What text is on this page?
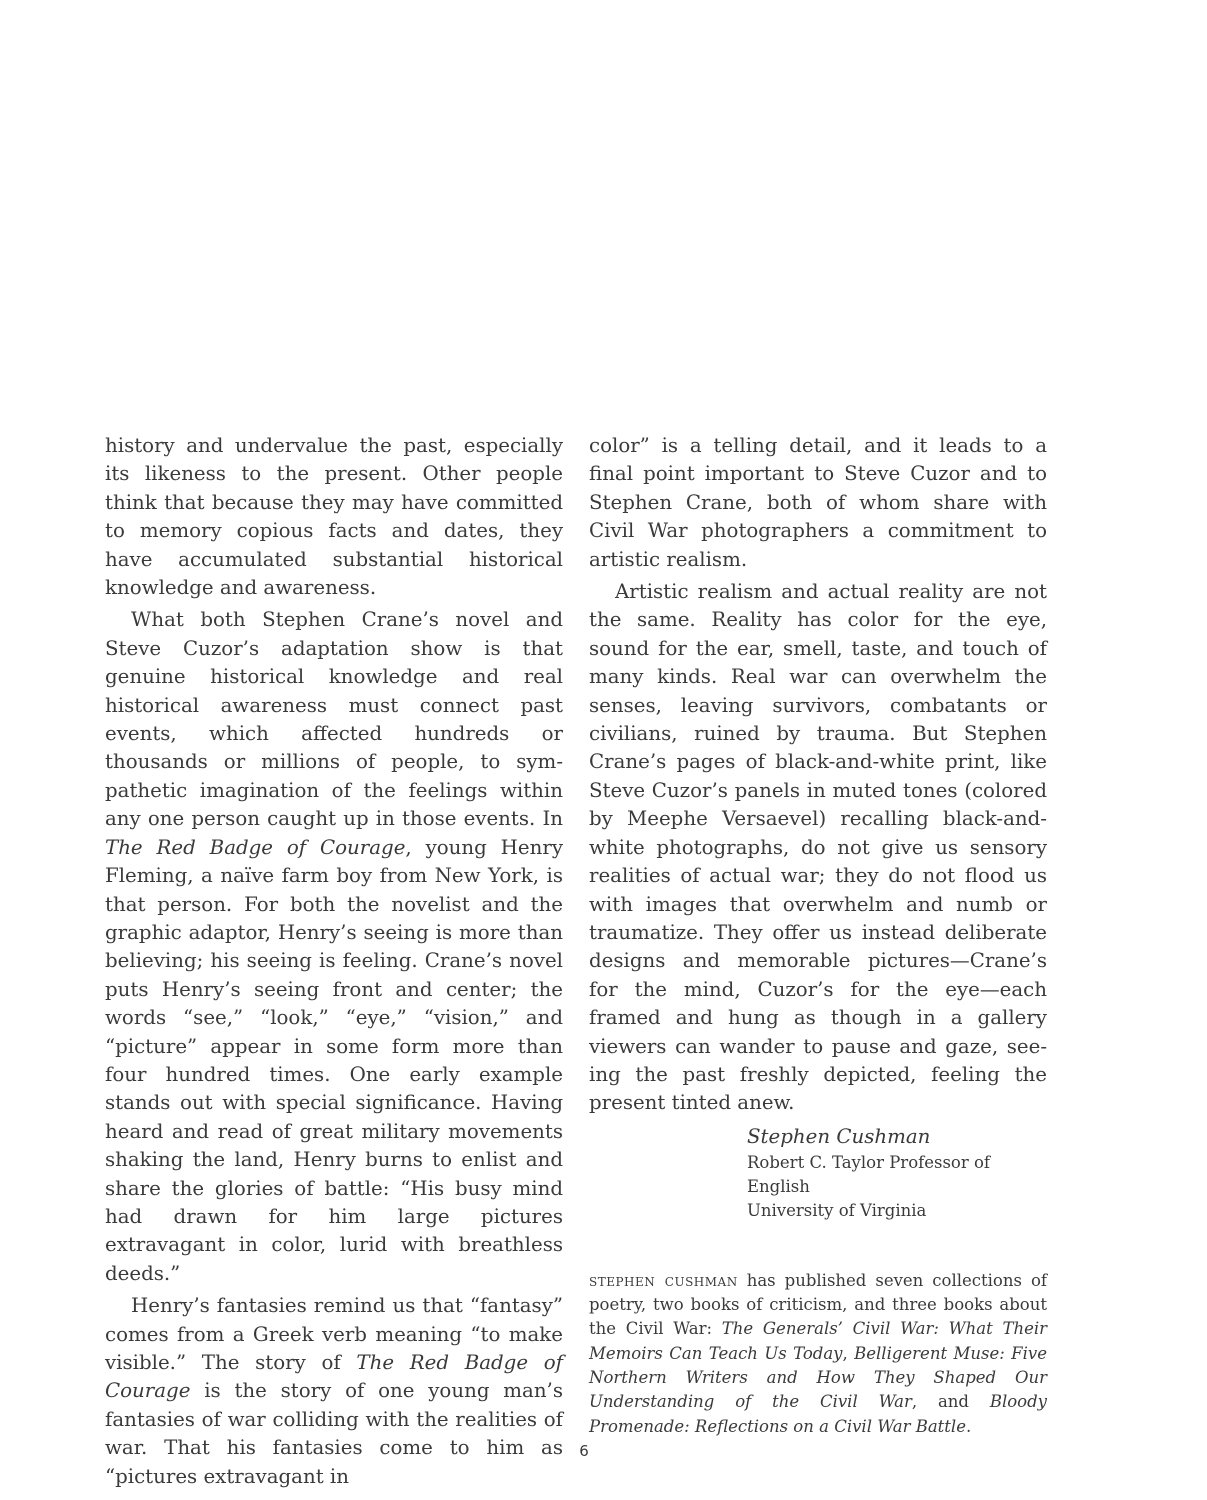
history and undervalue the past, especially its likeness to the present. Other people think that because they may have committed to memory copious facts and dates, they have accumulated substantial historical knowledge and awareness.

What both Stephen Crane’s novel and Steve Cuzor’s adaptation show is that genuine historical knowledge and real historical awareness must connect past events, which affected hundreds or thousands or millions of people, to sympathetic imagination of the feelings within any one person caught up in those events. In The Red Badge of Courage, young Henry Fleming, a naïve farm boy from New York, is that person. For both the novelist and the graphic adaptor, Henry’s seeing is more than believing; his seeing is feeling. Crane’s novel puts Henry’s seeing front and center; the words “see,” “look,” “eye,” “vision,” and “picture” appear in some form more than four hundred times. One early example stands out with special significance. Having heard and read of great military movements shaking the land, Henry burns to enlist and share the glories of battle: “His busy mind had drawn for him large pictures extravagant in color, lurid with breathless deeds.”

Henry’s fantasies remind us that “fantasy” comes from a Greek verb meaning “to make visible.” The story of The Red Badge of Courage is the story of one young man’s fantasies of war colliding with the realities of war. That his fantasies come to him as “pictures extravagant in

color” is a telling detail, and it leads to a final point important to Steve Cuzor and to Stephen Crane, both of whom share with Civil War photographers a commitment to artistic realism.

Artistic realism and actual reality are not the same. Reality has color for the eye, sound for the ear, smell, taste, and touch of many kinds. Real war can overwhelm the senses, leaving survivors, combatants or civilians, ruined by trauma. But Stephen Crane’s pages of black-and-white print, like Steve Cuzor’s panels in muted tones (colored by Meephe Versaevel) recalling black-and-white photographs, do not give us sensory realities of actual war; they do not flood us with images that overwhelm and numb or traumatize. They offer us instead deliberate designs and memorable pictures—Crane’s for the mind, Cuzor’s for the eye—each framed and hung as though in a gallery viewers can wander to pause and gaze, seeing the past freshly depicted, feeling the present tinted anew.

Stephen Cushman
Robert C. Taylor Professor of English
University of Virginia
stephen cushman has published seven collections of poetry, two books of criticism, and three books about the Civil War: The Generals’ Civil War: What Their Memoirs Can Teach Us Today, Belligerent Muse: Five Northern Writers and How They Shaped Our Understanding of the Civil War, and Bloody Promenade: Reflections on a Civil War Battle.
6
